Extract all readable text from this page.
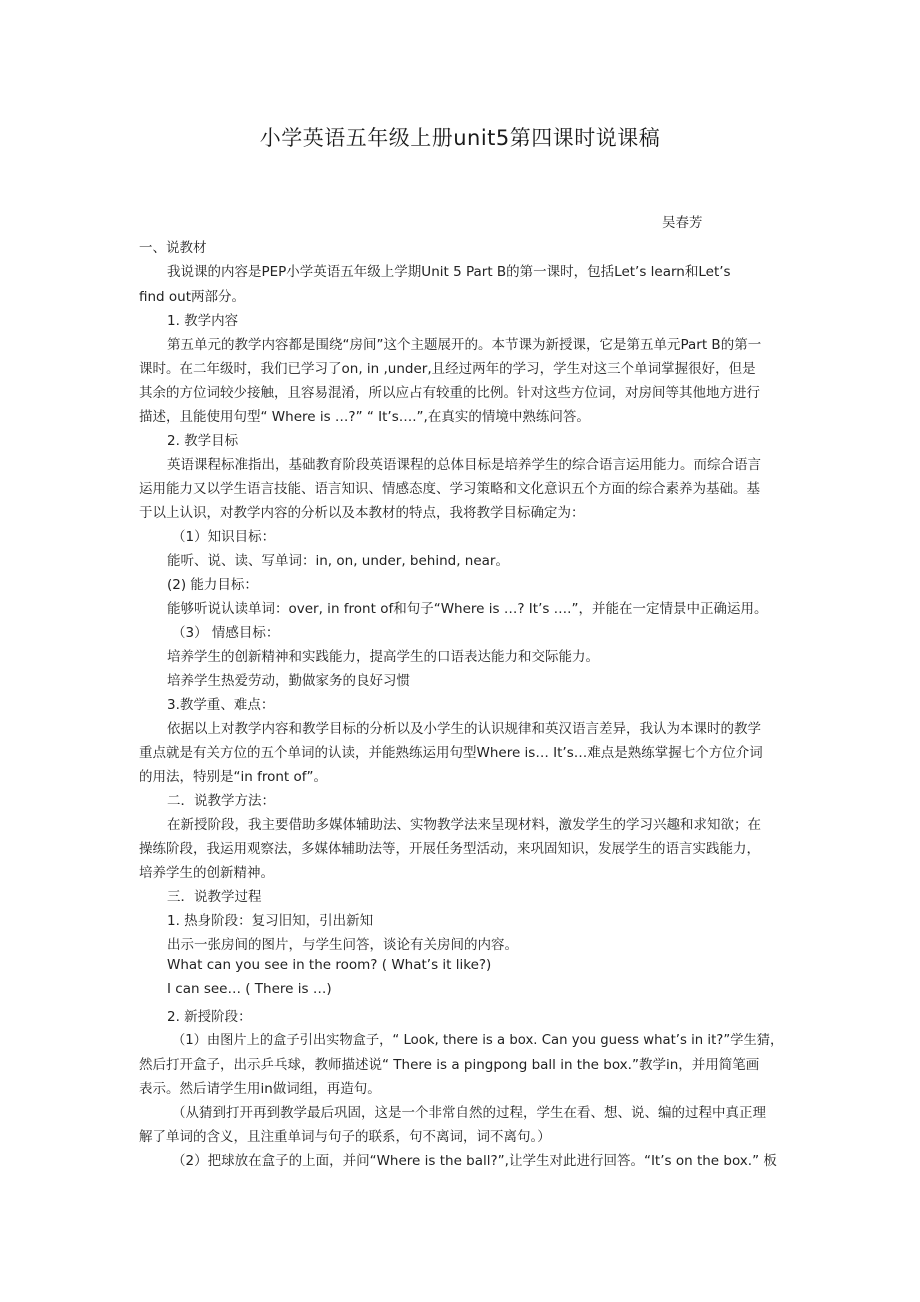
小学英语五年级上册unit5第四课时说课稿
吴春芳
一、说教材
我说课的内容是PEP小学英语五年级上学期Unit 5 Part B的第一课时，包括Let’s learn和Let’s
find out两部分。
1. 教学内容
第五单元的教学内容都是围绕“房间”这个主题展开的。本节课为新授课，它是第五单元Part B的第一
课时。在二年级时，我们已学习了on, in ,under,且经过两年的学习，学生对这三个单词掌握很好，但是
其余的方位词较少接触，且容易混淆，所以应占有较重的比例。针对这些方位词，对房间等其他地方进行
描述，且能使用句型“ Where is …?” “ It’s….”,在真实的情境中熟练问答。
2. 教学目标
英语课程标准指出，基础教育阶段英语课程的总体目标是培养学生的综合语言运用能力。而综合语言
运用能力又以学生语言技能、语言知识、情感态度、学习策略和文化意识五个方面的综合素养为基础。基
于以上认识，对教学内容的分析以及本教材的特点，我将教学目标确定为：
（1）知识目标：
能听、说、读、写单词：in, on, under, behind, near。
(2) 能力目标：
能够听说认读单词：over, in front of和句子“Where is …? It’s ….”，并能在一定情景中正确运用。
（3） 情感目标：
培养学生的创新精神和实践能力，提高学生的口语表达能力和交际能力。
培养学生热爱劳动，勤做家务的良好习惯
3.教学重、难点：
依据以上对教学内容和教学目标的分析以及小学生的认识规律和英汉语言差异，我认为本课时的教学
重点就是有关方位的五个单词的认读，并能熟练运用句型Where is… It’s…难点是熟练掌握七个方位介词
的用法，特别是“in front of”。
二．说教学方法：
在新授阶段，我主要借助多媒体辅助法、实物教学法来呈现材料，激发学生的学习兴趣和求知欲；在
操练阶段，我运用观察法，多媒体辅助法等，开展任务型活动，来巩固知识，发展学生的语言实践能力，
培养学生的创新精神。
三．说教学过程
1. 热身阶段：复习旧知，引出新知
出示一张房间的图片，与学生问答，谈论有关房间的内容。
What can you see in the room? ( What’s it like?)
I can see… ( There is …)
2. 新授阶段：
（1）由图片上的盒子引出实物盒子，“ Look, there is a box. Can you guess what’s in it?”学生猜，
然后打开盒子，出示乒乓球，教师描述说“ There is a pingpong ball in the box.”教学in，并用简笔画
表示。然后请学生用in做词组，再造句。
（从猜到打开再到教学最后巩固，这是一个非常自然的过程，学生在看、想、说、编的过程中真正理
解了单词的含义，且注重单词与句子的联系，句不离词，词不离句。）
（2）把球放在盒子的上面，并问“Where is the ball?”,让学生对此进行回答。“It’s on the box.” 板
